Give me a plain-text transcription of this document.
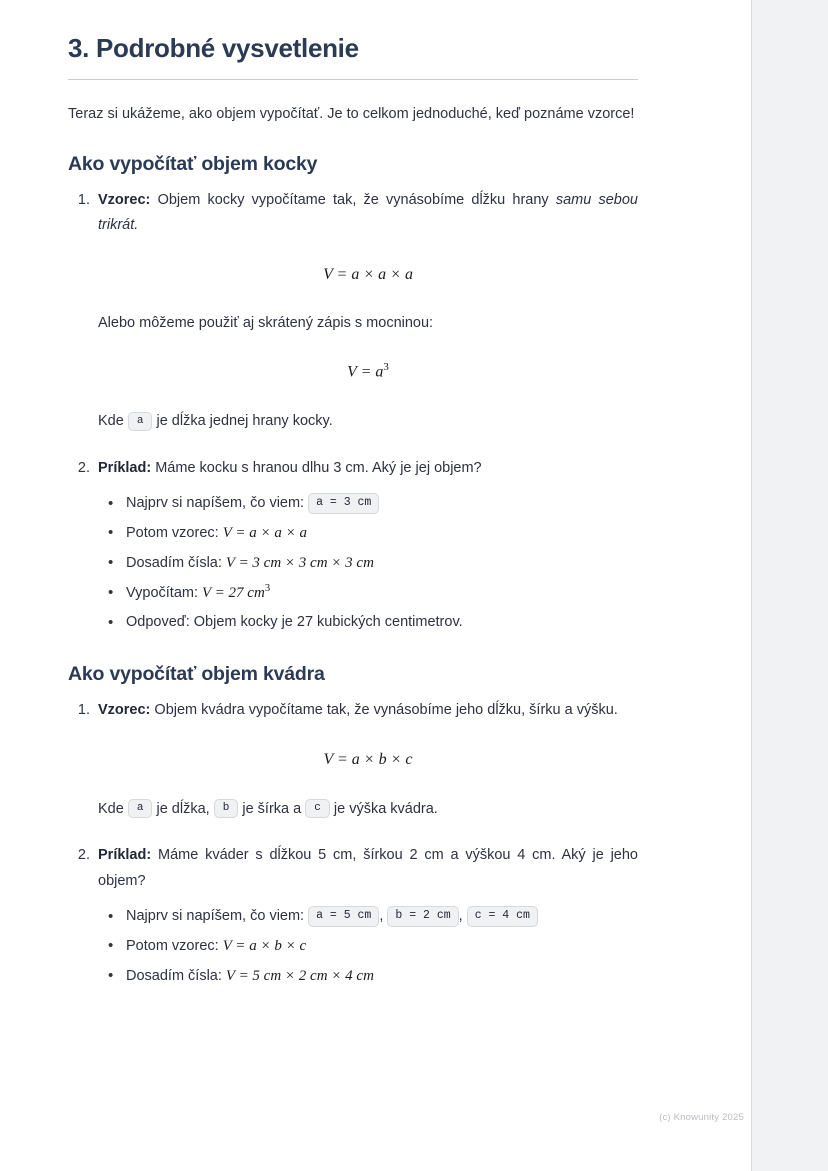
3. Podrobné vysvetlenie

Teraz si ukážeme, ako objem vypočítať. Je to celkom jednoduché, keď poznáme vzorce!

Ako vypočítať objem kocky
1. Vzorec: Objem kocky vypočítame tak, že vynásobíme dĺžku hrany samu sebou trikrát.
V = a × a × a
Alebo môžeme použiť aj skrátený zápis s mocninou:
$V = a^3$
Kde a je dĺžka jednej hrany kocky.
2. Príklad: Máme kocku s hranou dlhu 3 cm. Aký je jej objem?
• Najprv si napíšem, čo viem: a = 3 cm
• Potom vzorec: V = a × a × a
• Dosadím čísla: V = 3 cm × 3 cm × 3 cm
• Vypočítam: V = 27 $cm^3$
• Odpoveď: Objem kocky je 27 kubických centimetrov.
Ako vypočítať objem kvádra
1. Vzorec: Objem kvádra vypočítame tak, že vynásobíme jeho dĺžku, šírku a výšku.
V = a × b × c
Kde a je dĺžka, b je šírka a c je výška kvádra.
2. Príklad: Máme kváder s dĺžkou 5 cm, šírkou 2 cm a výškou 4 cm. Aký je jeho objem?
• Najprv si napíšem, čo viem: a = 5 cm , b = 2 cm , c = 4 cm
• Potom vzorec: V = a × b × c
• Dosadím čísla: V = 5 cm × 2 cm × 4 cm
(c) Knowunity 2025
